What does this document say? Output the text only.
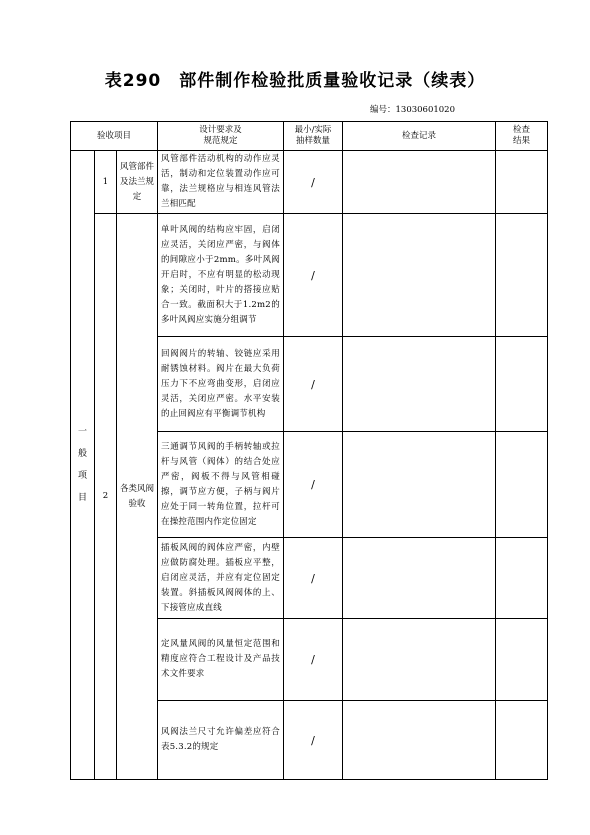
表290　部件制作检验批质量验收记录（续表）
编号：13030601020
验收项目			设计要求及
规范规定	最小/实际
抽样数量	检查记录	检查
结果
一
般
项
目	1	风管部件
及法兰规
定	风管部件活动机构的动作应灵活，制动和定位装置动作应可靠，法兰规格应与相连风管法兰相匹配	/		
	2	各类风阀
验收	单叶风阀的结构应牢固，启闭应灵活，关闭应严密，与阀体的间隙应小于2mm。多叶风阀开启时，不应有明显的松动现象；关闭时，叶片的搭接应贴合一致。截面积大于1.2m2的多叶风阀应实施分组调节	/		
			回阀阀片的转轴、铰链应采用耐锈蚀材料。阀片在最大负荷压力下不应弯曲变形，启闭应灵活，关闭应严密。水平安装的止回阀应有平衡调节机构	/		
			三通调节风阀的手柄转轴或拉杆与风管（阀体）的结合处应严密，阀板不得与风管相碰擦，调节应方便，子柄与阀片应处于同一转角位置，拉杆可在操控范围内作定位固定	/		
			插板风阀的阀体应严密，内壁应做防腐处理。插板应平整，启闭应灵活，并应有定位固定装置。斜插板风阀阀体的上、下接管应成直线	/		
			定风量风阀的风量恒定范围和精度应符合工程设计及产品技术文件要求	/		
			风阀法兰尺寸允许偏差应符合表5.3.2的规定	/		
